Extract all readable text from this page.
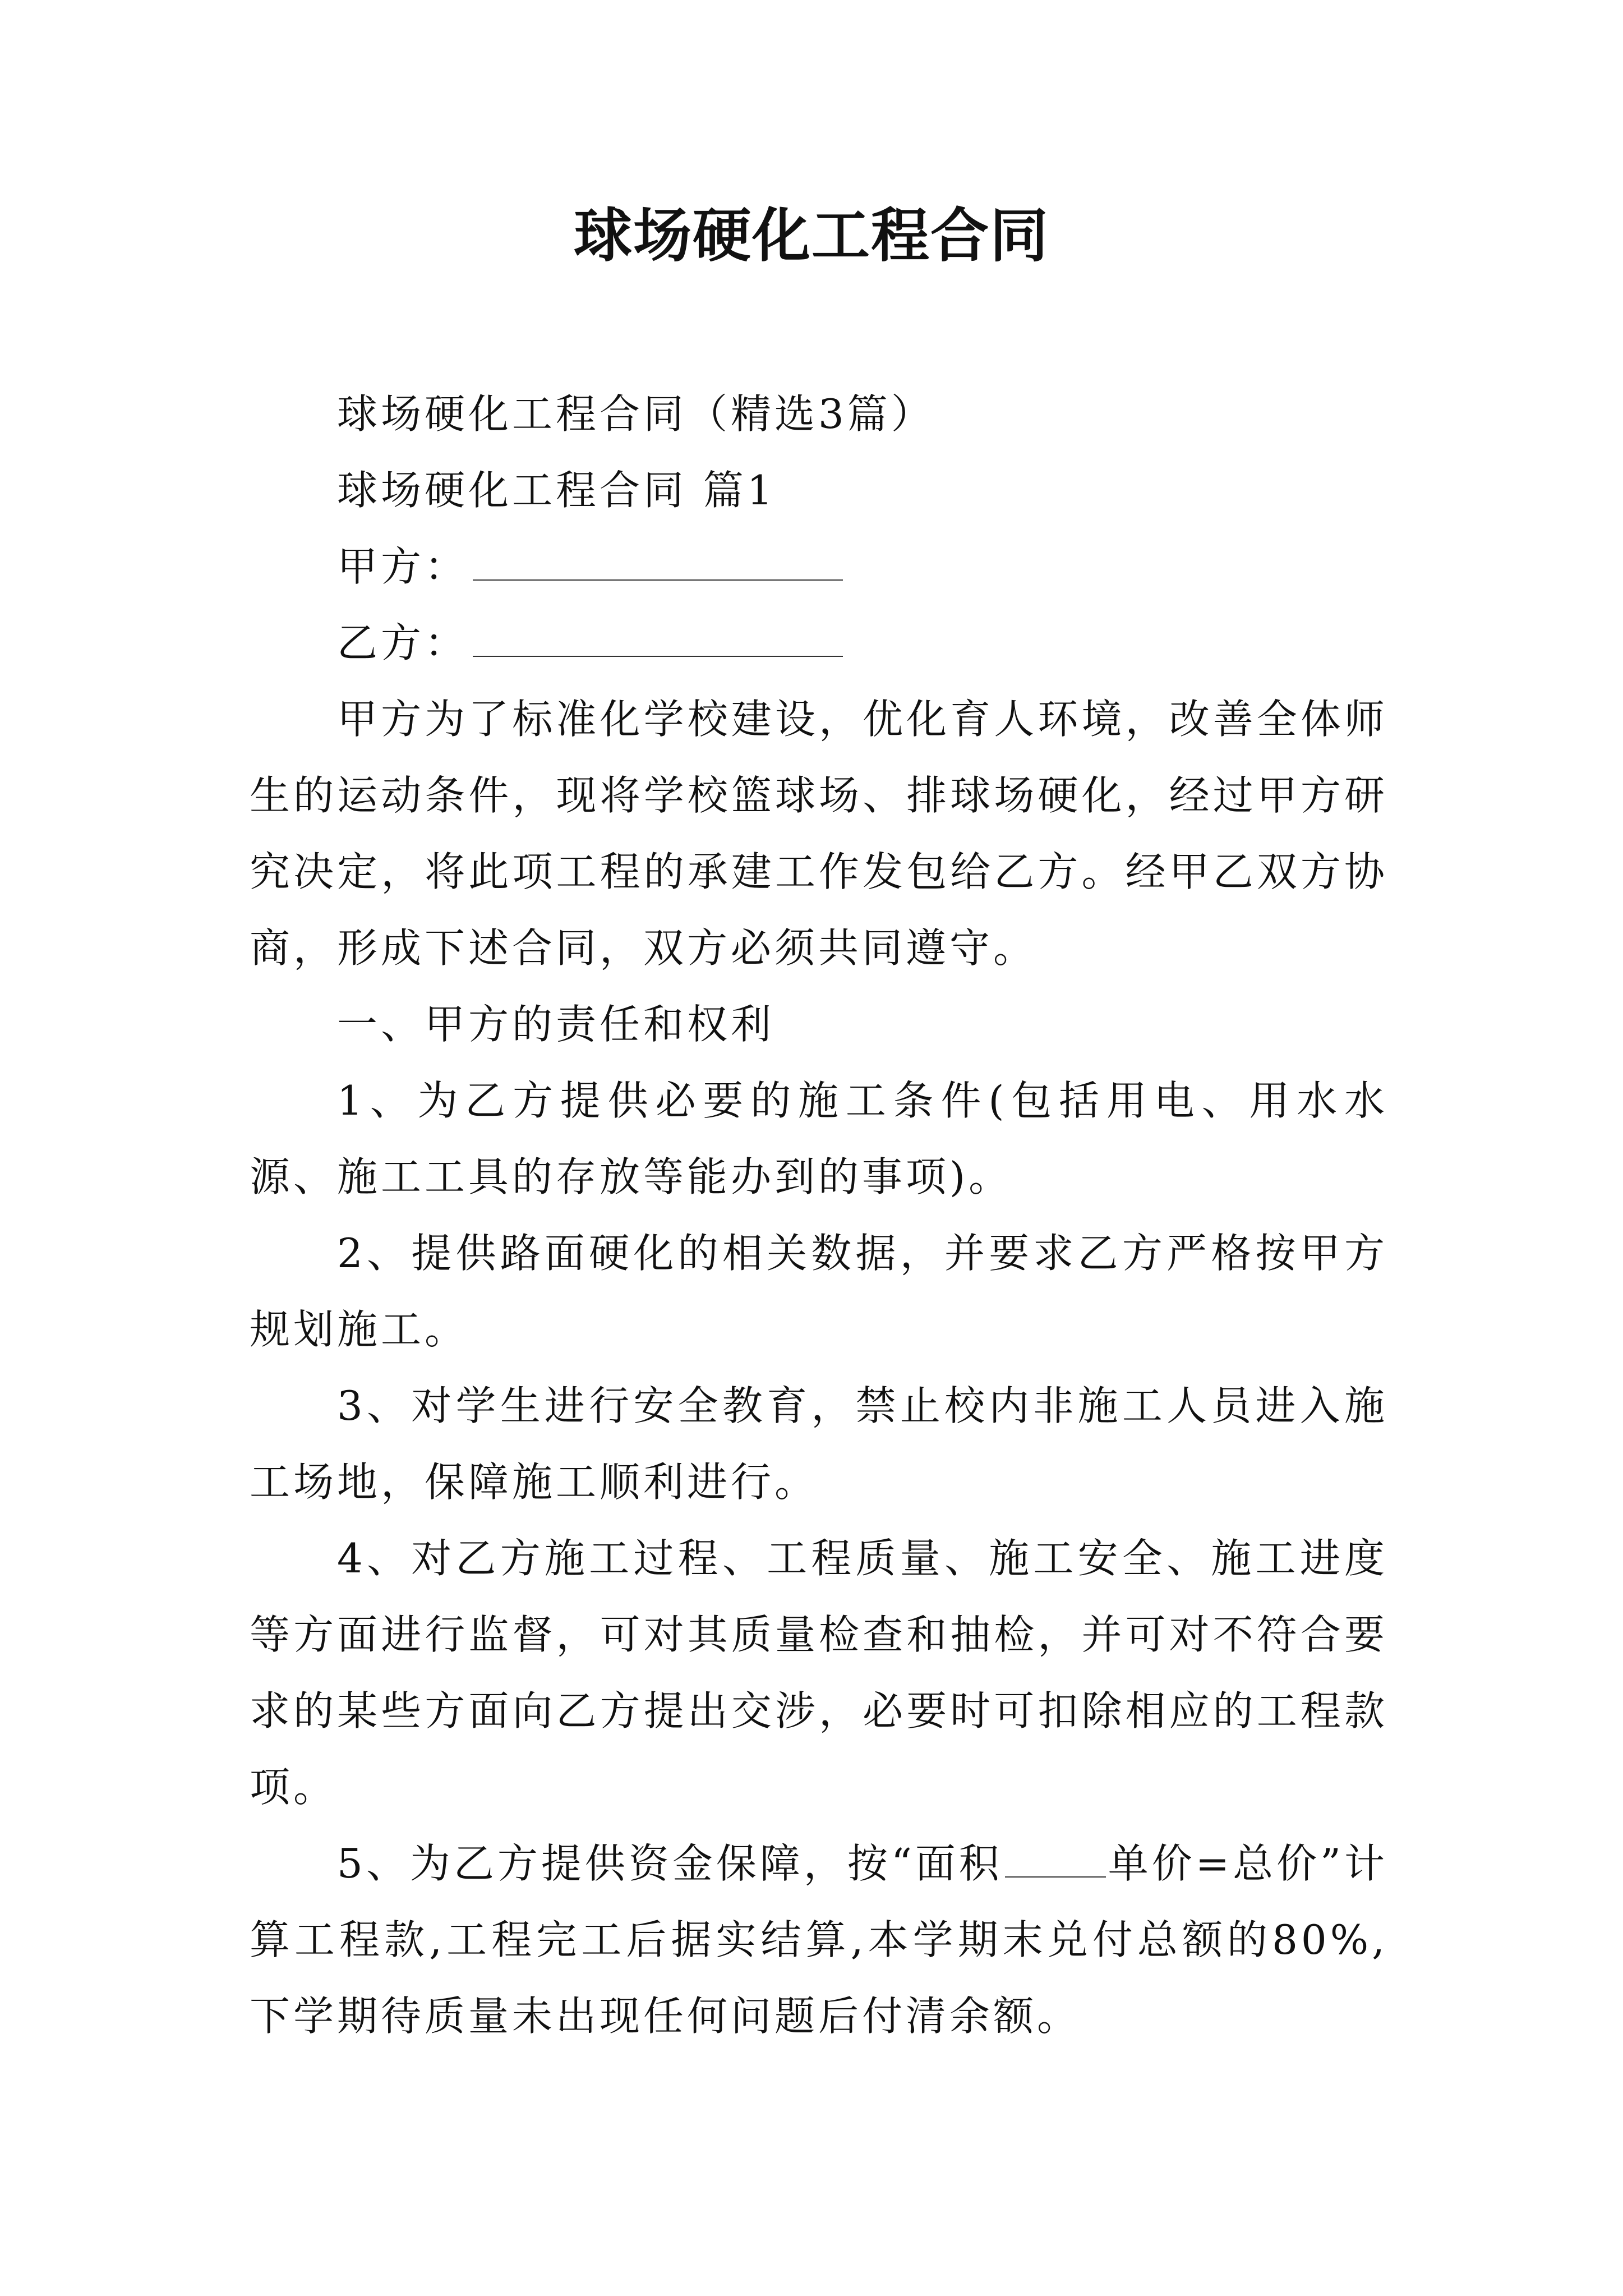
球场硬化工程合同

球场硬化工程合同（精选3篇）

球场硬化工程合同 篇1

甲方：

乙方：

甲方为了标准化学校建设，优化育人环境，改善全体师生的运动条件，现将学校篮球场、排球场硬化，经过甲方研究决定，将此项工程的承建工作发包给乙方。经甲乙双方协商，形成下述合同，双方必须共同遵守。

一、甲方的责任和权利

1、为乙方提供必要的施工条件(包括用电、用水水源、施工工具的存放等能办到的事项)。

2、提供路面硬化的相关数据，并要求乙方严格按甲方规划施工。

3、对学生进行安全教育，禁止校内非施工人员进入施工场地，保障施工顺利进行。

4、对乙方施工过程、工程质量、施工安全、施工进度等方面进行监督，可对其质量检查和抽检，并可对不符合要求的某些方面向乙方提出交涉，必要时可扣除相应的工程款项。

5、为乙方提供资金保障，按“面积	单价=总价”计算工程款,工程完工后据实结算,本学期末兑付总额的80%,下学期待质量未出现任何问题后付清余额。
